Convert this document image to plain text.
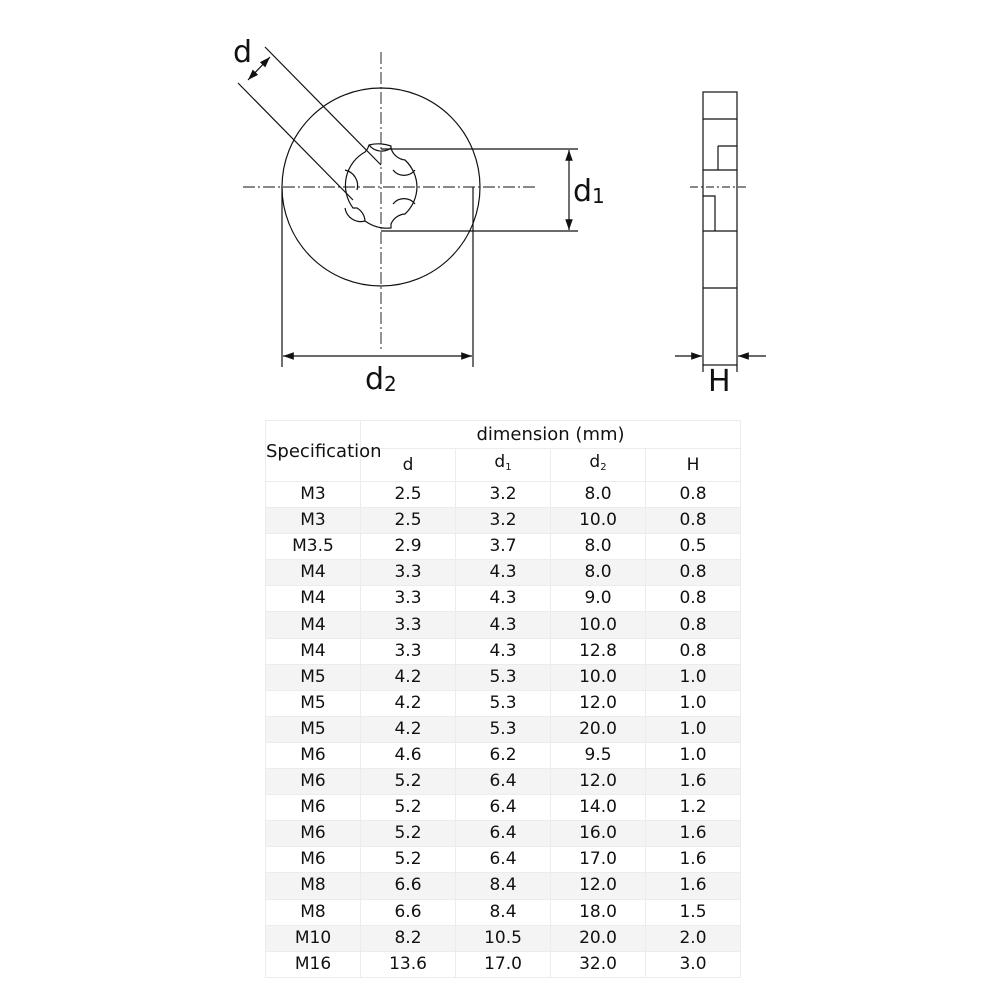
d
d1
d2	H
Specification	dimension (mm)			
	d	$d_1$	$d_2$	H
M3	2.5	3.2	8.0	0.8
M3	2.5	3.2	10.0	0.8
M3.5	2.9	3.7	8.0	0.5
M4	3.3	4.3	8.0	0.8
M4	3.3	4.3	9.0	0.8
M4	3.3	4.3	10.0	0.8
M4	3.3	4.3	12.8	0.8
M5	4.2	5.3	10.0	1.0
M5	4.2	5.3	12.0	1.0
M5	4.2	5.3	20.0	1.0
M6	4.6	6.2	9.5	1.0
M6	5.2	6.4	12.0	1.6
M6	5.2	6.4	14.0	1.2
M6	5.2	6.4	16.0	1.6
M6	5.2	6.4	17.0	1.6
M8	6.6	8.4	12.0	1.6
M8	6.6	8.4	18.0	1.5
M10	8.2	10.5	20.0	2.0
M16	13.6	17.0	32.0	3.0
